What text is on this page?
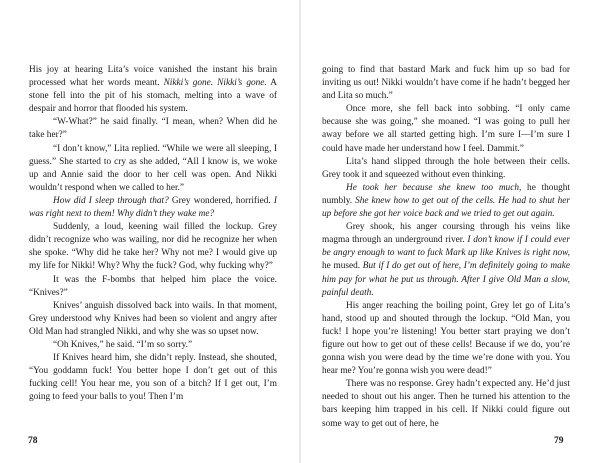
His joy at hearing Lita’s voice vanished the instant his brain processed what her words meant. Nikki’s gone. Nikki’s gone. A stone fell into the pit of his stomach, melting into a wave of despair and horror that flooded his system.

“W-What?” he said finally. “I mean, when? When did he take her?”

“I don’t know,” Lita replied. “While we were all sleeping, I guess.” She started to cry as she added, “All I know is, we woke up and Annie said the door to her cell was open. And Nikki wouldn’t respond when we called to her.”

How did I sleep through that? Grey wondered, horrified. I was right next to them! Why didn’t they wake me?

Suddenly, a loud, keening wail filled the lockup. Grey didn’t recognize who was wailing, nor did he recognize her when she spoke. “Why did he take her? Why not me? I would give up my life for Nikki! Why? Why the fuck? God, why fucking why?”

It was the F-bombs that helped him place the voice. “Knives?”

Knives’ anguish dissolved back into wails. In that moment, Grey understood why Knives had been so violent and angry after Old Man had strangled Nikki, and why she was so upset now.

“Oh Knives,” he said. “I’m so sorry.”

If Knives heard him, she didn’t reply. Instead, she shouted, “You goddamn fuck! You better hope I don’t get out of this fucking cell! You hear me, you son of a bitch? If I get out, I’m going to feed your balls to you! Then I’m

78

going to find that bastard Mark and fuck him up so bad for inviting us out! Nikki wouldn’t have come if he hadn’t begged her and Lita so much.”

Once more, she fell back into sobbing. “I only came because she was going,” she moaned. “I was going to pull her away before we all started getting high. I’m sure I—I’m sure I could have made her understand how I feel. Dammit.”

Lita’s hand slipped through the hole between their cells. Grey took it and squeezed without even thinking.

He took her because she knew too much, he thought numbly. She knew how to get out of the cells. He had to shut her up before she got her voice back and we tried to get out again.

Grey shook, his anger coursing through his veins like magma through an underground river. I don’t know if I could ever be angry enough to want to fuck Mark up like Knives is right now, he mused. But if I do get out of here, I’m definitely going to make him pay for what he put us through. After I give Old Man a slow, painful death.

His anger reaching the boiling point, Grey let go of Lita’s hand, stood up and shouted through the lockup. “Old Man, you fuck! I hope you’re listening! You better start praying we don’t figure out how to get out of these cells! Because if we do, you’re gonna wish you were dead by the time we’re done with you. You hear me? You’re gonna wish you were dead!”

There was no response. Grey hadn’t expected any. He’d just needed to shout out his anger. Then he turned his attention to the bars keeping him trapped in his cell. If Nikki could figure out some way to get out of here, he

79
